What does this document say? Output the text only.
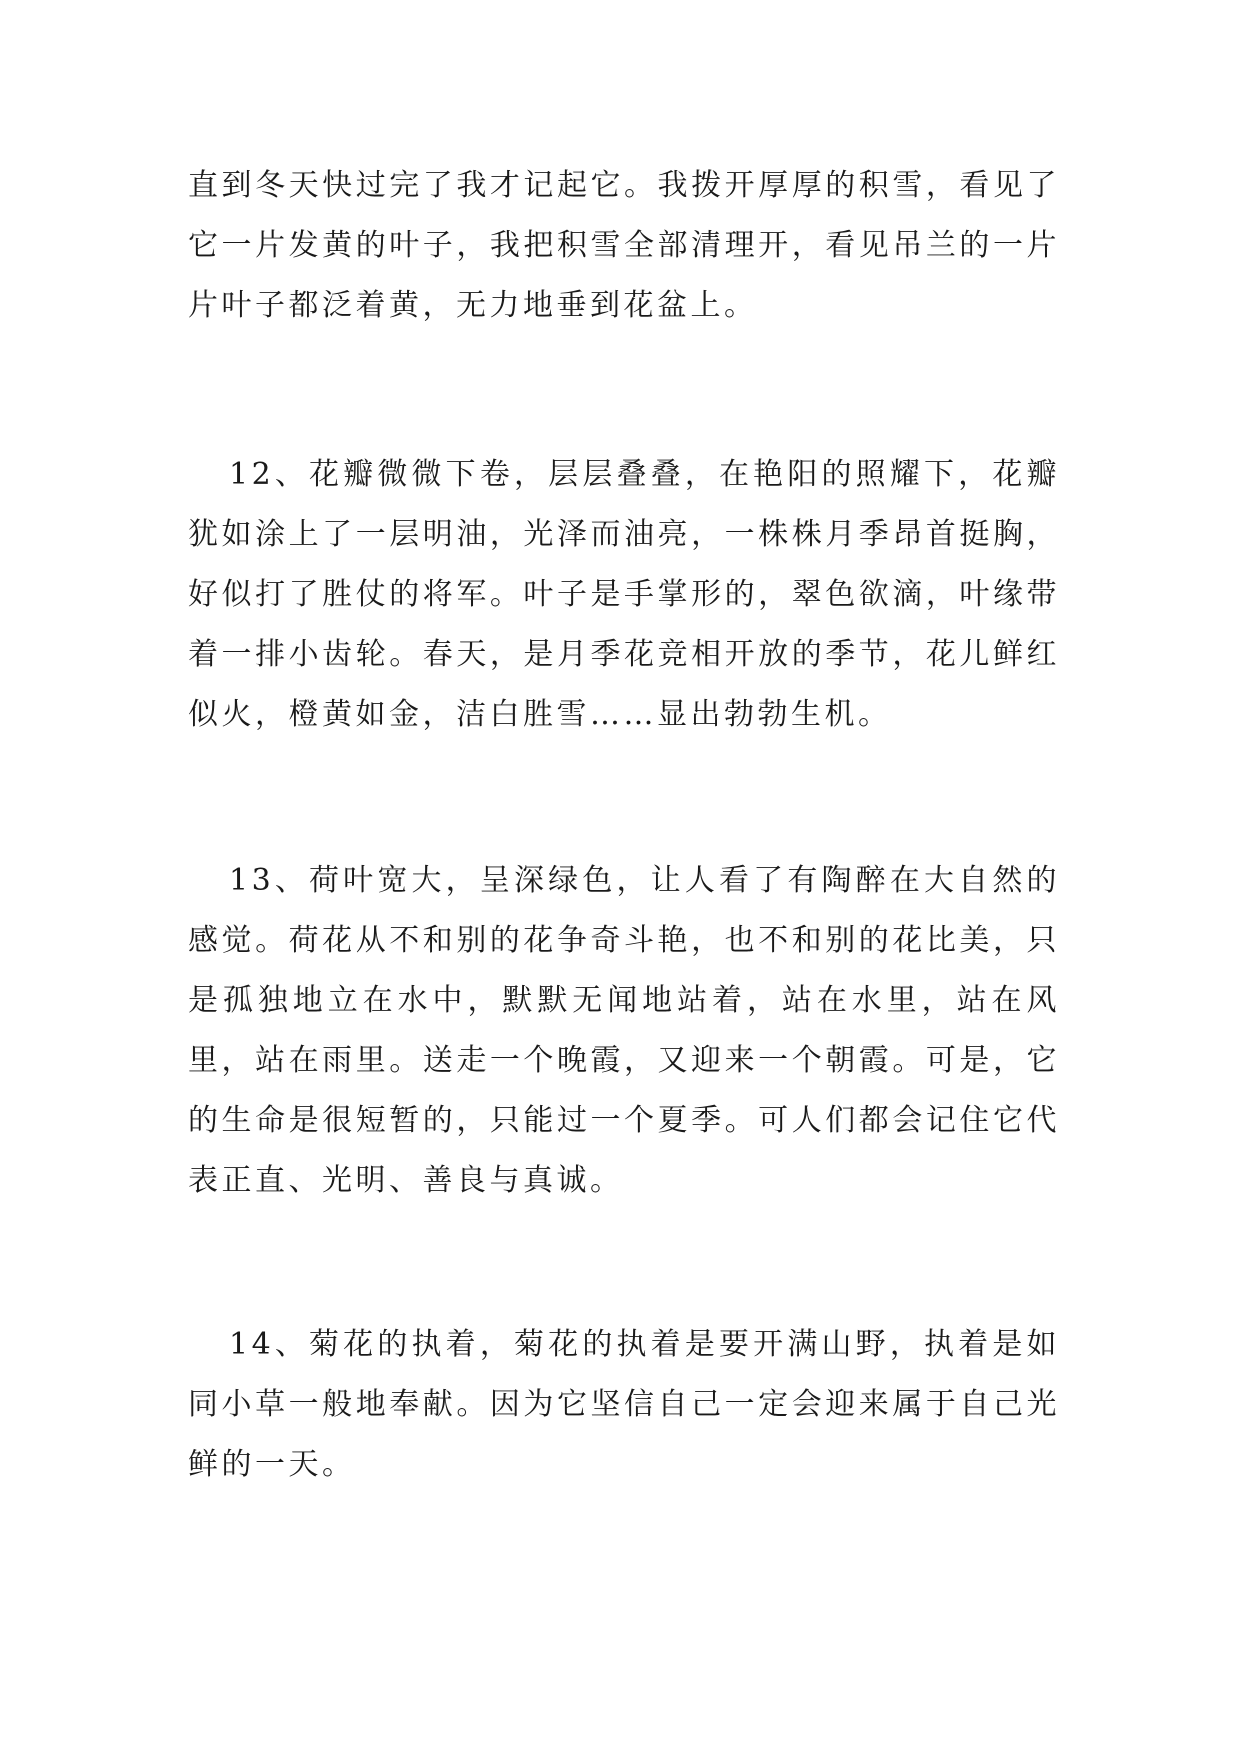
直到冬天快过完了我才记起它。我拨开厚厚的积雪，看见了它一片发黄的叶子，我把积雪全部清理开，看见吊兰的一片片叶子都泛着黄，无力地垂到花盆上。

12、花瓣微微下卷，层层叠叠，在艳阳的照耀下，花瓣犹如涂上了一层明油，光泽而油亮，一株株月季昂首挺胸，好似打了胜仗的将军。叶子是手掌形的，翠色欲滴，叶缘带着一排小齿轮。春天，是月季花竞相开放的季节，花儿鲜红似火，橙黄如金，洁白胜雪……显出勃勃生机。

13、荷叶宽大，呈深绿色，让人看了有陶醉在大自然的感觉。荷花从不和别的花争奇斗艳，也不和别的花比美，只是孤独地立在水中，默默无闻地站着，站在水里，站在风里，站在雨里。送走一个晚霞，又迎来一个朝霞。可是，它的生命是很短暂的，只能过一个夏季。可人们都会记住它代表正直、光明、善良与真诚。

14、菊花的执着，菊花的执着是要开满山野，执着是如同小草一般地奉献。因为它坚信自己一定会迎来属于自己光鲜的一天。
